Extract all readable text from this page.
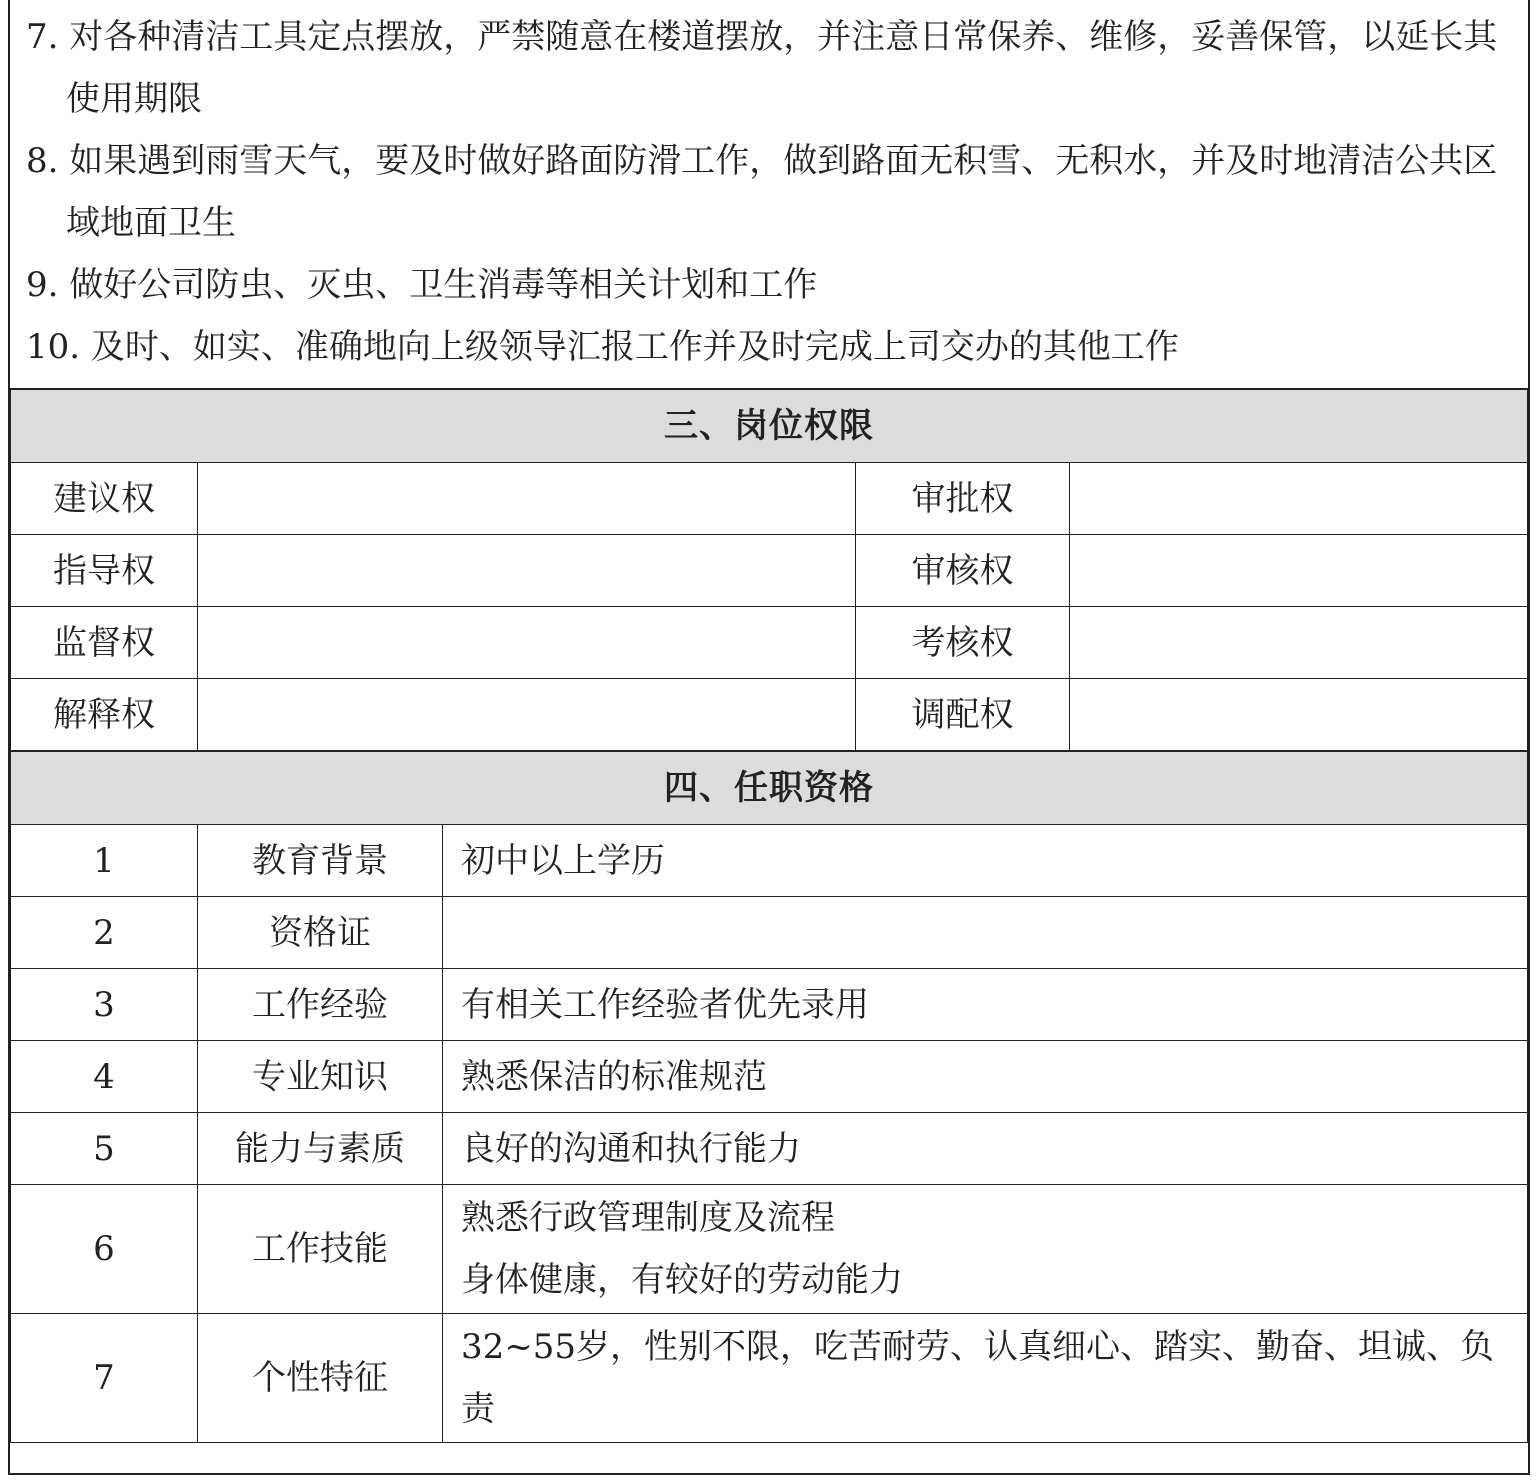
7. 对各种清洁工具定点摆放，严禁随意在楼道摆放，并注意日常保养、维修，妥善保管，以延长其使用期限
8. 如果遇到雨雪天气，要及时做好路面防滑工作，做到路面无积雪、无积水，并及时地清洁公共区域地面卫生
9. 做好公司防虫、灭虫、卫生消毒等相关计划和工作
10. 及时、如实、准确地向上级领导汇报工作并及时完成上司交办的其他工作
三、岗位权限			
建议权		审批权	
指导权		审核权	
监督权		考核权	
解释权		调配权	
四、任职资格		
1	教育背景	初中以上学历
2	资格证	
3	工作经验	有相关工作经验者优先录用
4	专业知识	熟悉保洁的标准规范
5	能力与素质	良好的沟通和执行能力
6	工作技能	熟悉行政管理制度及流程
身体健康，有较好的劳动能力

7	个性特征	32~55岁，性别不限，吃苦耐劳、认真细心、踏实、勤奋、坦诚、负责
